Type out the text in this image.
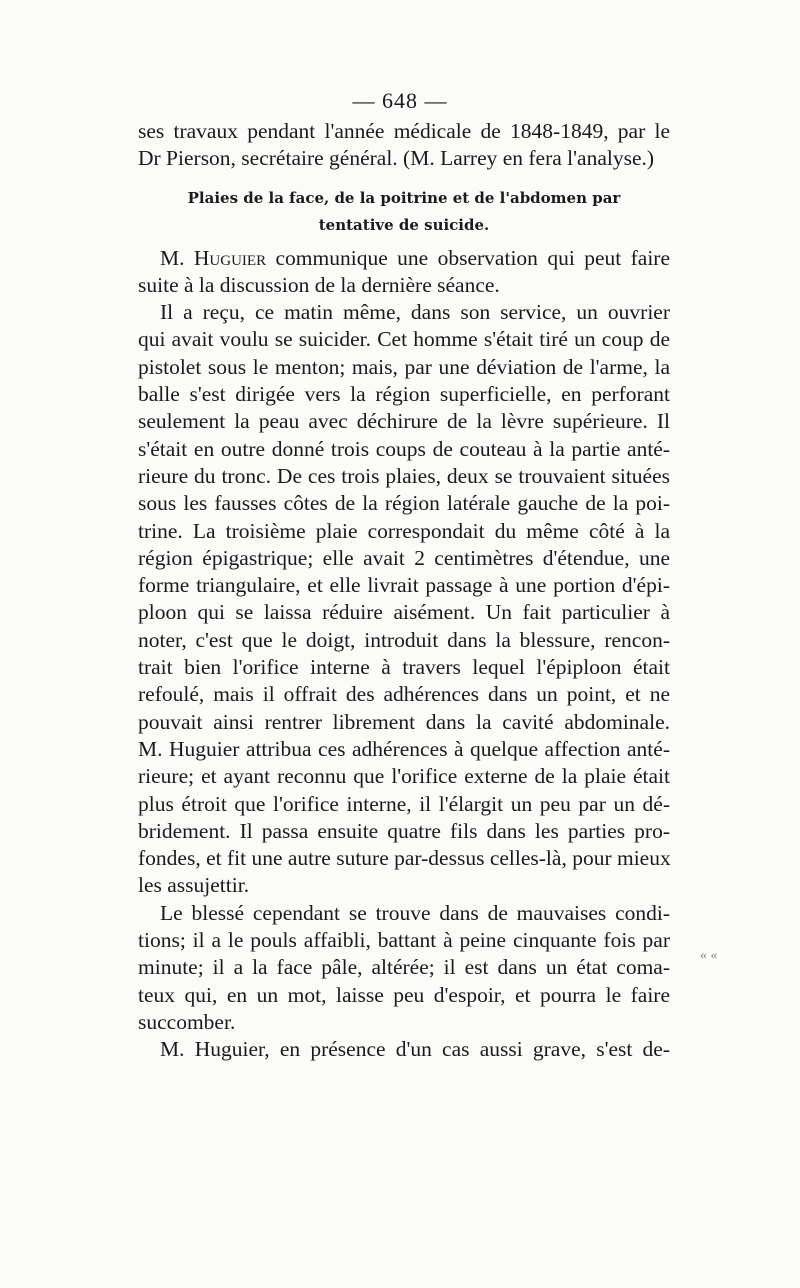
— 648 —
ses travaux pendant l'année médicale de 1848-1849, par le
Dr Pierson, secrétaire général. (M. Larrey en fera l'analyse.)
Plaies de la face, de la poitrine et de l'abdomen par
tentative de suicide.
M. Huguier communique une observation qui peut faire
suite à la discussion de la dernière séance.
Il a reçu, ce matin même, dans son service, un ouvrier
qui avait voulu se suicider. Cet homme s'était tiré un coup de
pistolet sous le menton; mais, par une déviation de l'arme, la
balle s'est dirigée vers la région superficielle, en perforant
seulement la peau avec déchirure de la lèvre supérieure. Il
s'était en outre donné trois coups de couteau à la partie anté-
rieure du tronc. De ces trois plaies, deux se trouvaient situées
sous les fausses côtes de la région latérale gauche de la poi-
trine. La troisième plaie correspondait du même côté à la
région épigastrique; elle avait 2 centimètres d'étendue, une
forme triangulaire, et elle livrait passage à une portion d'épi-
ploon qui se laissa réduire aisément. Un fait particulier à
noter, c'est que le doigt, introduit dans la blessure, rencon-
trait bien l'orifice interne à travers lequel l'épiploon était
refoulé, mais il offrait des adhérences dans un point, et ne
pouvait ainsi rentrer librement dans la cavité abdominale.
M. Huguier attribua ces adhérences à quelque affection anté-
rieure; et ayant reconnu que l'orifice externe de la plaie était
plus étroit que l'orifice interne, il l'élargit un peu par un dé-
bridement. Il passa ensuite quatre fils dans les parties pro-
fondes, et fit une autre suture par-dessus celles-là, pour mieux
les assujettir.
Le blessé cependant se trouve dans de mauvaises condi-
tions; il a le pouls affaibli, battant à peine cinquante fois par
minute; il a la face pâle, altérée; il est dans un état coma-
teux qui, en un mot, laisse peu d'espoir, et pourra le faire
succomber.
M. Huguier, en présence d'un cas aussi grave, s'est de-
« «
